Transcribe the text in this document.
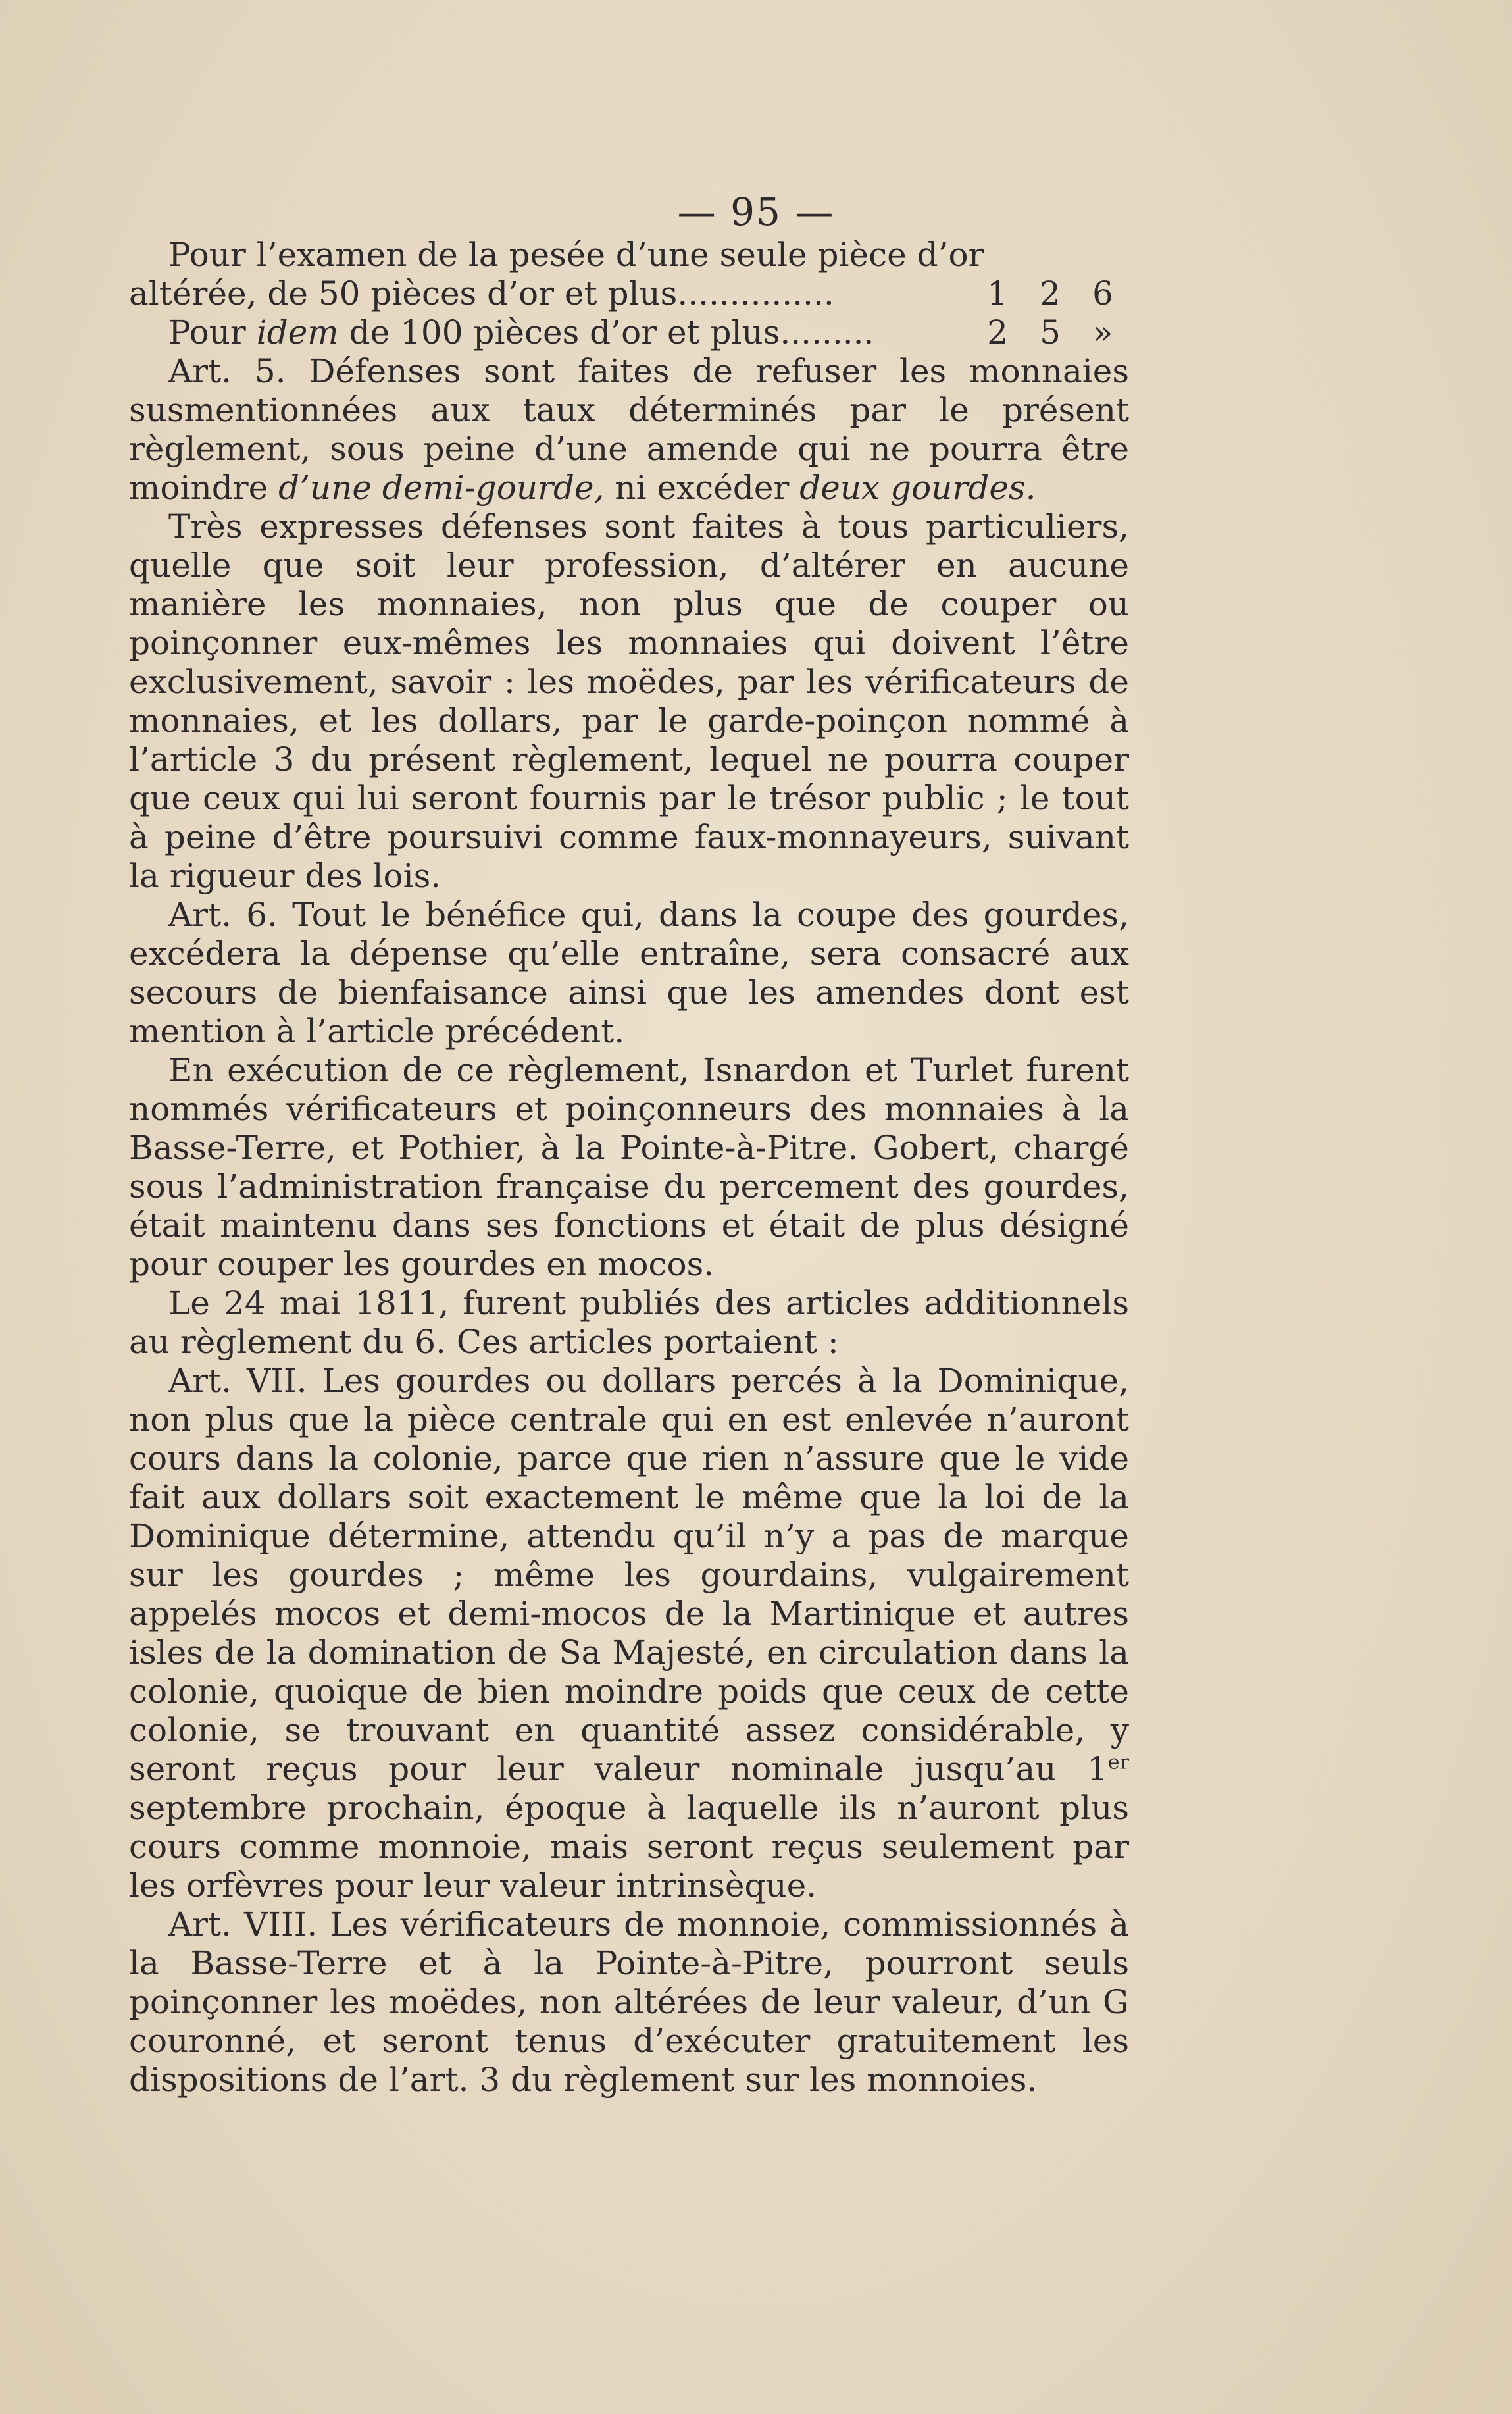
— 95 —

Pour l’examen de la pesée d’une seule pièce d’or

altérée, de 50 pièces d’or et plus...............	1 2 6
Pour idem de 100 pièces d’or et plus.........	2 5 »

Art. 5. Défenses sont faites de refuser les monnaies susmentionnées aux taux déterminés par le présent règlement, sous peine d’une amende qui ne pourra être moindre d’une demi-gourde, ni excéder deux gourdes.

Très expresses défenses sont faites à tous particuliers, quelle que soit leur profession, d’altérer en aucune manière les monnaies, non plus que de couper ou poinçonner eux-mêmes les monnaies qui doivent l’être exclusivement, savoir : les moëdes, par les vérificateurs de monnaies, et les dollars, par le garde-poinçon nommé à l’article 3 du présent règlement, lequel ne pourra couper que ceux qui lui seront fournis par le trésor public ; le tout à peine d’être poursuivi comme faux-monnayeurs, suivant la rigueur des lois.

Art. 6. Tout le bénéfice qui, dans la coupe des gourdes, excédera la dépense qu’elle entraîne, sera consacré aux secours de bienfaisance ainsi que les amendes dont est mention à l’article précédent.

En exécution de ce règlement, Isnardon et Turlet furent nommés vérificateurs et poinçonneurs des monnaies à la Basse-Terre, et Pothier, à la Pointe-à-Pitre. Gobert, chargé sous l’administration française du percement des gourdes, était maintenu dans ses fonctions et était de plus désigné pour couper les gourdes en mocos.

Le 24 mai 1811, furent publiés des articles additionnels au règlement du 6. Ces articles portaient :

Art. VII. Les gourdes ou dollars percés à la Dominique, non plus que la pièce centrale qui en est enlevée n’auront cours dans la colonie, parce que rien n’assure que le vide fait aux dollars soit exactement le même que la loi de la Dominique détermine, attendu qu’il n’y a pas de marque sur les gourdes ; même les gourdains, vulgairement appelés mocos et demi-mocos de la Martinique et autres isles de la domination de Sa Majesté, en circulation dans la colonie, quoique de bien moindre poids que ceux de cette colonie, se trouvant en quantité assez considérable, y seront reçus pour leur valeur nominale jusqu’au 1er septembre prochain, époque à laquelle ils n’auront plus cours comme monnoie, mais seront reçus seulement par les orfèvres pour leur valeur intrinsèque.

Art. VIII. Les vérificateurs de monnoie, commissionnés à la Basse-Terre et à la Pointe-à-Pitre, pourront seuls poinçonner les moëdes, non altérées de leur valeur, d’un G couronné, et seront tenus d’exécuter gratuitement les dispositions de l’art. 3 du règlement sur les monnoies.
